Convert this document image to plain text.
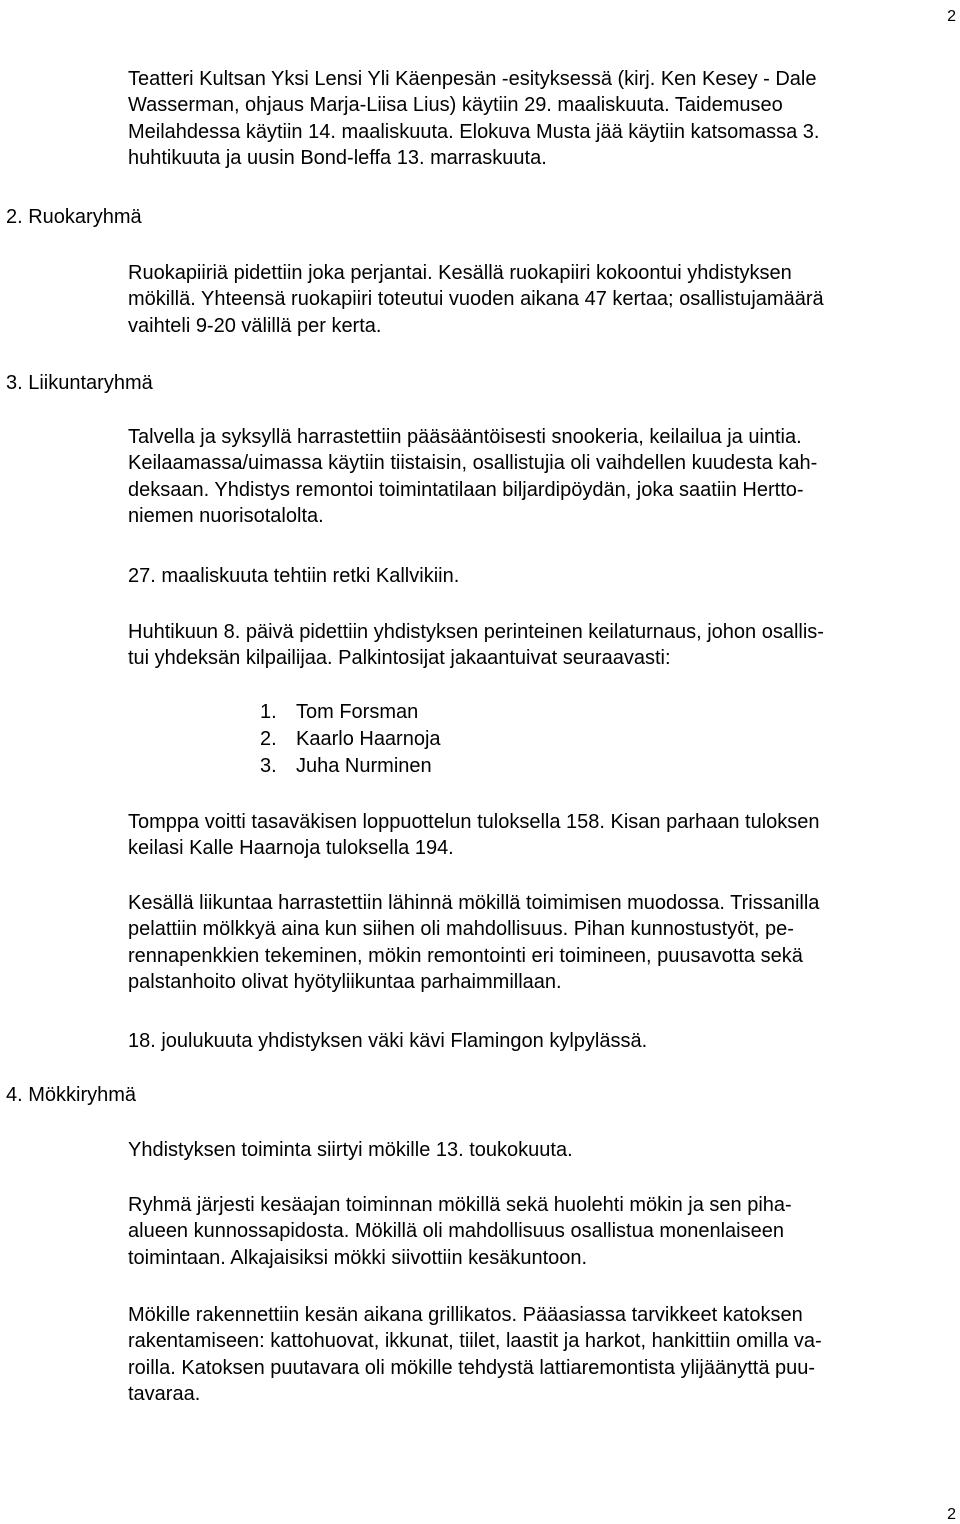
2
Teatteri Kultsan Yksi Lensi Yli Käenpesän -esityksessä (kirj. Ken Kesey - Dale
Wasserman, ohjaus Marja-Liisa Lius) käytiin 29. maaliskuuta. Taidemuseo
Meilahdessa käytiin 14. maaliskuuta. Elokuva Musta jää käytiin katsomassa 3.
huhtikuuta ja uusin Bond-leffa 13. marraskuuta.
2. Ruokaryhmä
Ruokapiiriä pidettiin joka perjantai. Kesällä ruokapiiri kokoontui yhdistyksen
mökillä. Yhteensä ruokapiiri toteutui vuoden aikana 47 kertaa; osallistujamäärä
vaihteli 9-20 välillä per kerta.
3. Liikuntaryhmä
Talvella ja syksyllä harrastettiin pääsääntöisesti snookeria, keilailua ja uintia.
Keilaamassa/uimassa käytiin tiistaisin, osallistujia oli vaihdellen kuudesta kah-
deksaan. Yhdistys remontoi toimintatilaan biljardipöydän, joka saatiin Hertto-
niemen nuorisotalolta.
27. maaliskuuta tehtiin retki Kallvikiin.
Huhtikuun 8. päivä pidettiin yhdistyksen perinteinen keilaturnaus, johon osallis-
tui yhdeksän kilpailijaa. Palkintosijat jakaantuivat seuraavasti:
1. Tom Forsman
2. Kaarlo Haarnoja
3. Juha Nurminen
Tomppa voitti tasaväkisen loppuottelun tuloksella 158. Kisan parhaan tuloksen
keilasi Kalle Haarnoja tuloksella 194.
Kesällä liikuntaa harrastettiin lähinnä mökillä toimimisen muodossa. Trissanilla
pelattiin mölkkyä aina kun siihen oli mahdollisuus. Pihan kunnostustyöt, pe-
rennapenkkien tekeminen, mökin remontointi eri toimineen, puusavotta sekä
palstanhoito olivat hyötyliikuntaa parhaimmillaan.
18. joulukuuta yhdistyksen väki kävi Flamingon kylpylässä.
4. Mökkiryhmä
Yhdistyksen toiminta siirtyi mökille 13. toukokuuta.
Ryhmä järjesti kesäajan toiminnan mökillä sekä huolehti mökin ja sen piha-
alueen kunnossapidosta. Mökillä oli mahdollisuus osallistua monenlaiseen
toimintaan. Alkajaisiksi mökki siivottiin kesäkuntoon.
Mökille rakennettiin kesän aikana grillikatos. Pääasiassa tarvikkeet katoksen
rakentamiseen: kattohuovat, ikkunat, tiilet, laastit ja harkot, hankittiin omilla va-
roilla. Katoksen puutavara oli mökille tehdystä lattiaremontista ylijäänyttä puu-
tavaraa.
2
